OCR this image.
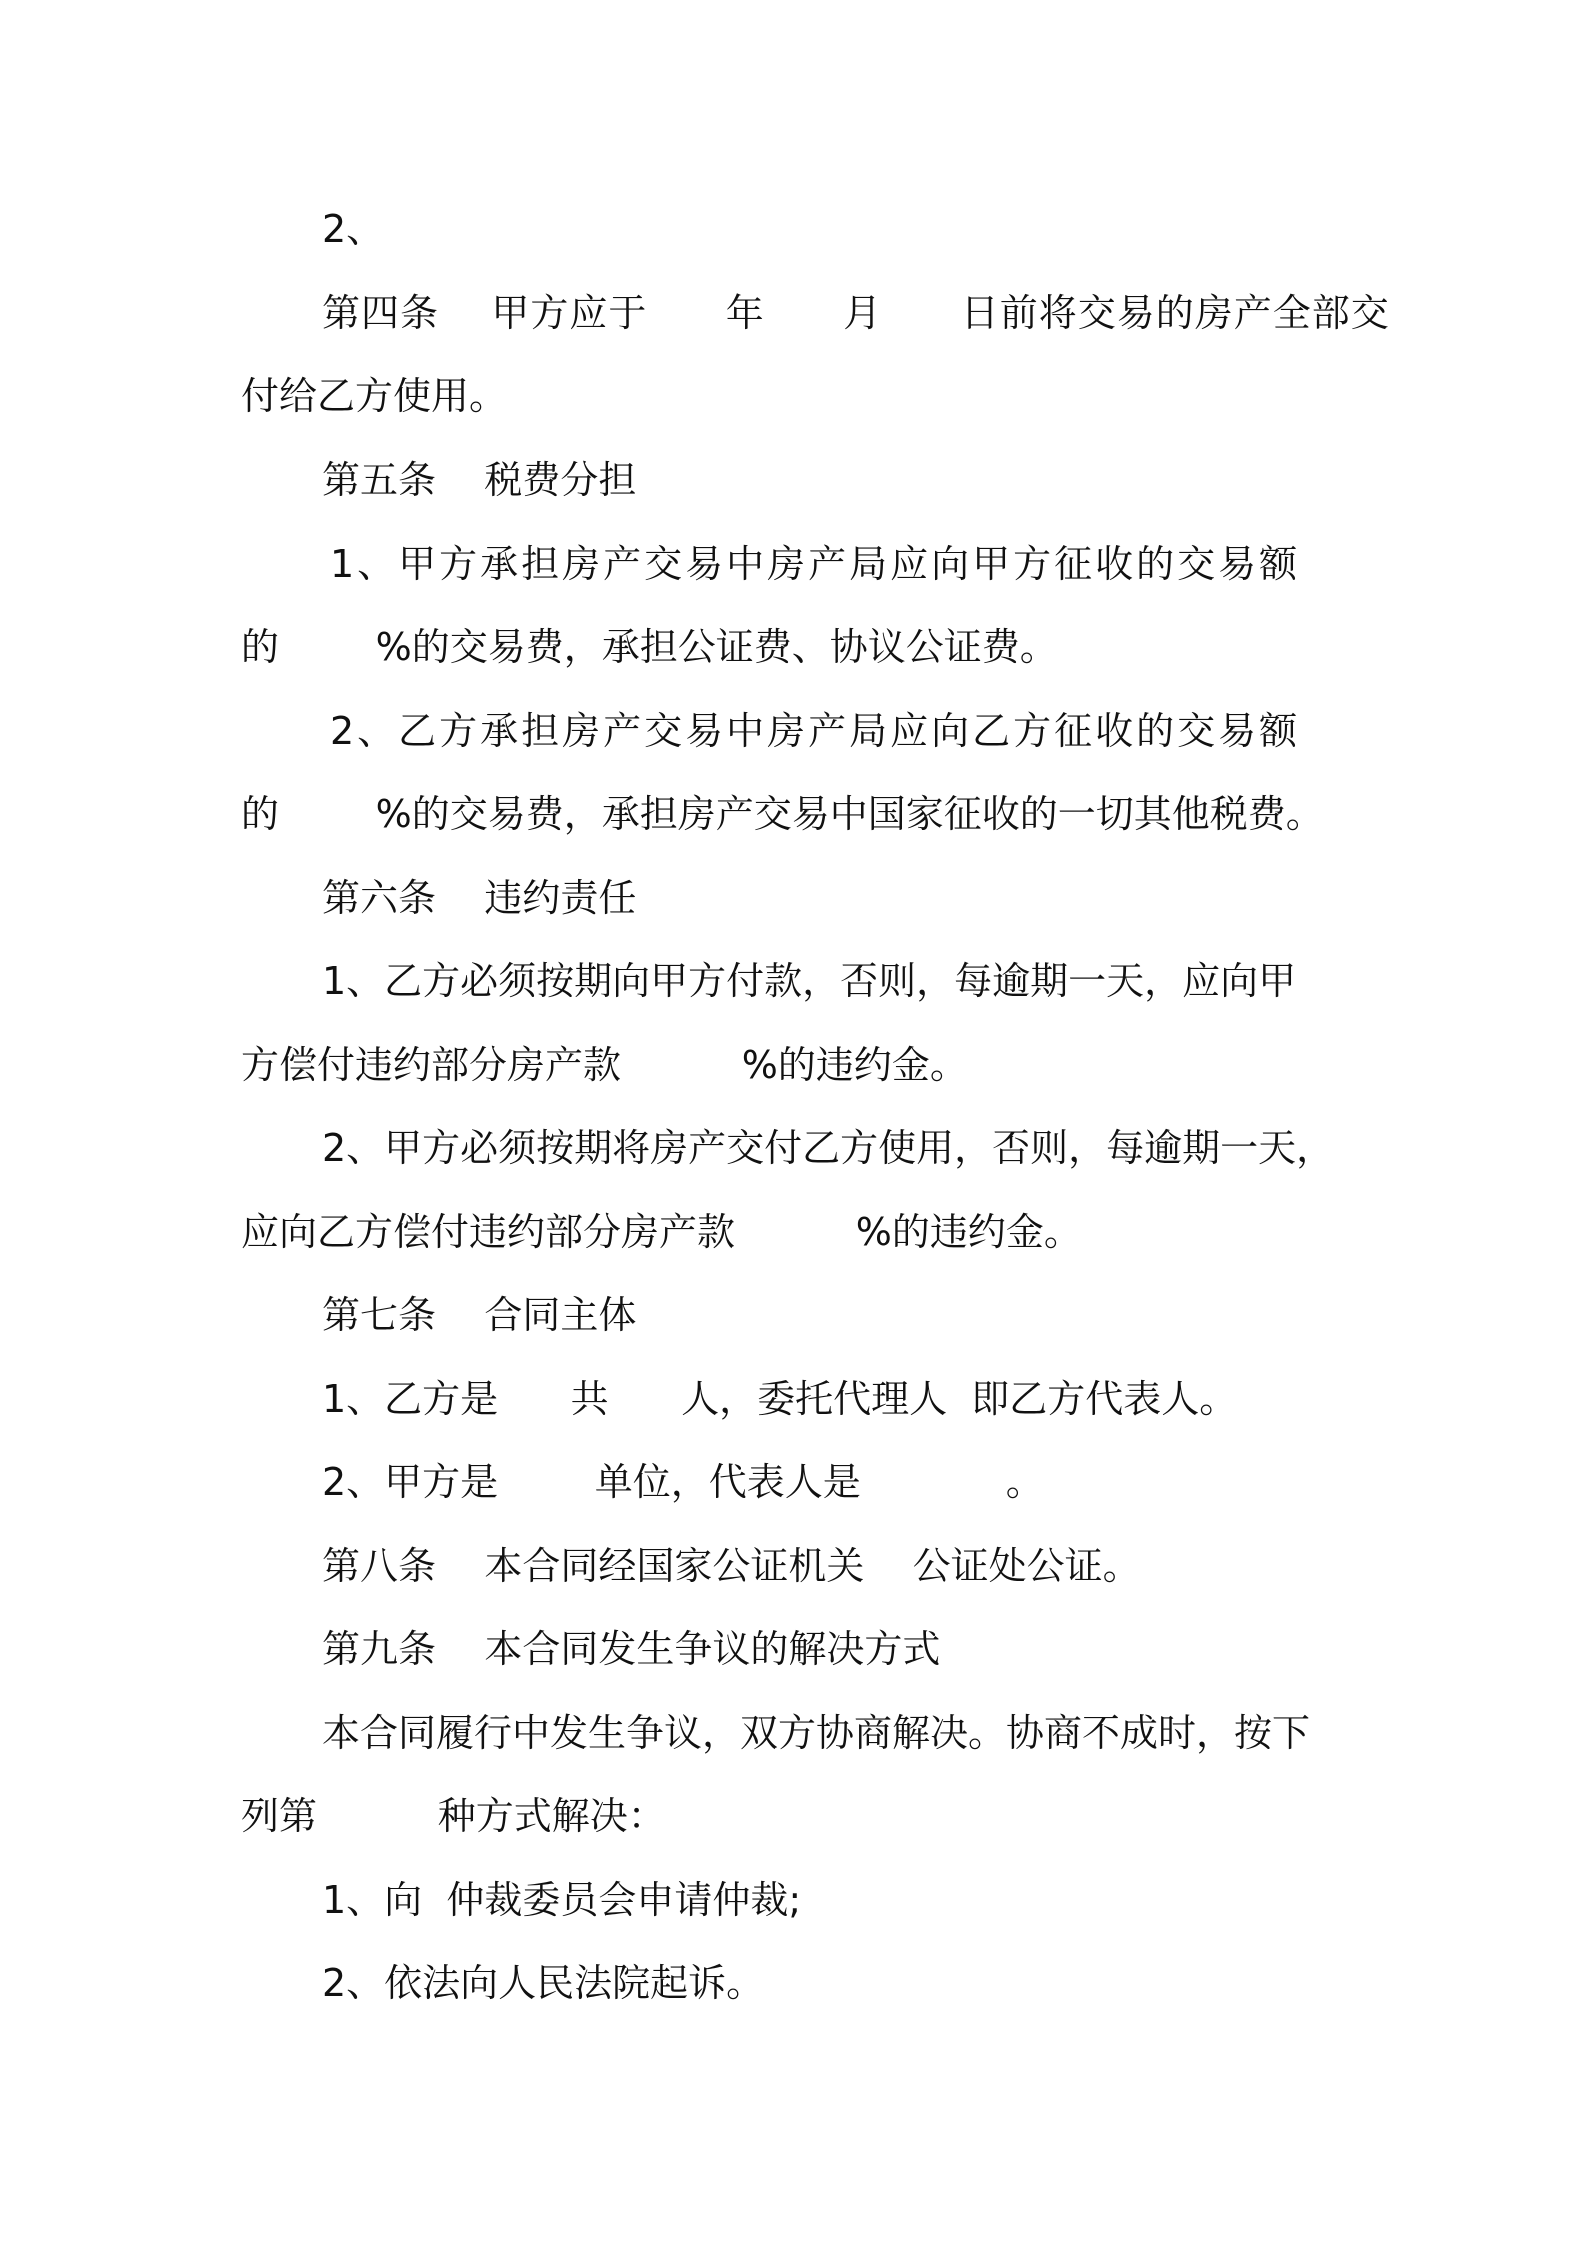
2、

第四条    甲方应于      年      月      日前将交易的房产全部交

付给乙方使用。

第五条    税费分担

1、甲方承担房产交易中房产局应向甲方征收的交易额

的        %的交易费，承担公证费、协议公证费。

2、乙方承担房产交易中房产局应向乙方征收的交易额

的        %的交易费，承担房产交易中国家征收的一切其他税费。

第六条    违约责任

1、乙方必须按期向甲方付款，否则，每逾期一天，应向甲

方偿付违约部分房产款          %的违约金。

2、甲方必须按期将房产交付乙方使用，否则，每逾期一天，

应向乙方偿付违约部分房产款          %的违约金。

第七条    合同主体

1、乙方是      共      人，委托代理人  即乙方代表人。

2、甲方是        单位，代表人是            。

第八条    本合同经国家公证机关    公证处公证。

第九条    本合同发生争议的解决方式

本合同履行中发生争议，双方协商解决。协商不成时，按下

列第          种方式解决：

1、向  仲裁委员会申请仲裁;

2、依法向人民法院起诉。
